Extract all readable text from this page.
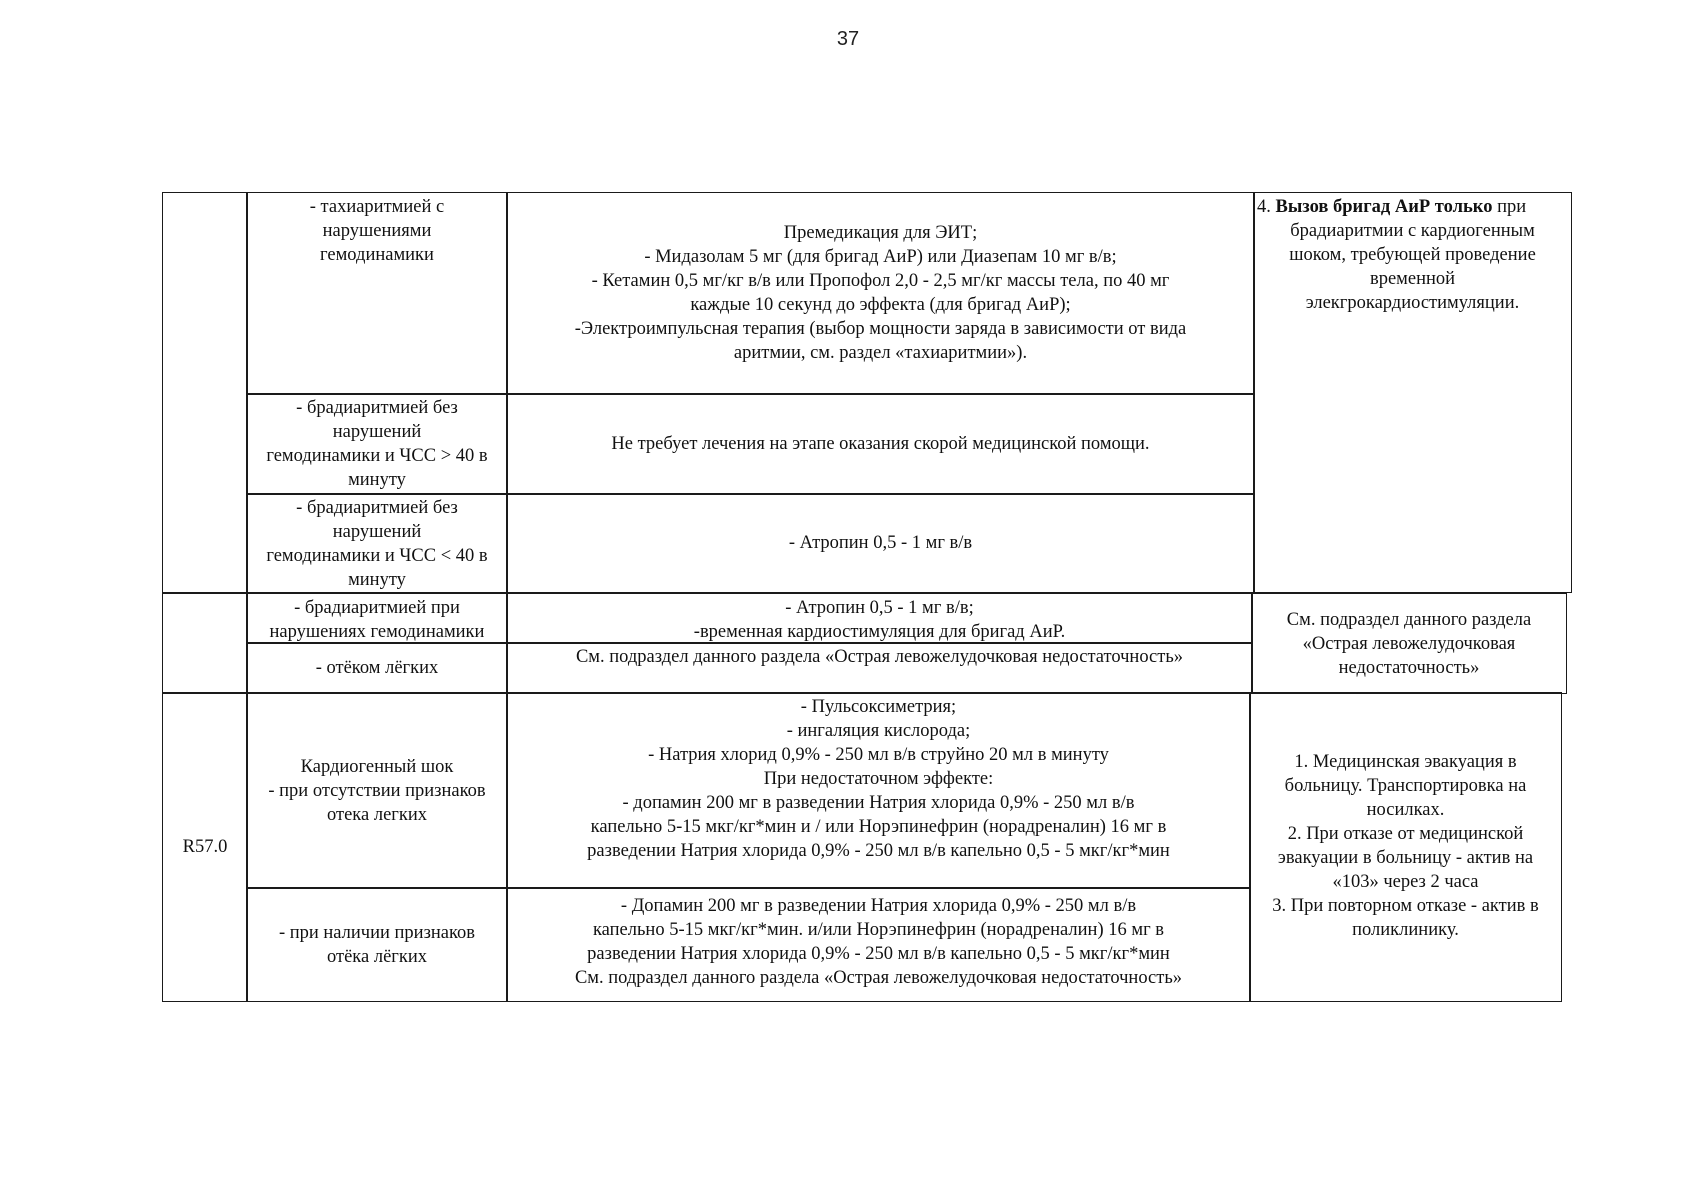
37
- тахиаритмией с
нарушениями
гемодинамики
Премедикация для ЭИТ;
- Мидазолам 5 мг (для бригад АиР) или Диазепам 10 мг в/в;
- Кетамин 0,5 мг/кг в/в или Пропофол 2,0 - 2,5 мг/кг массы тела, по 40 мг
каждые 10 секунд до эффекта (для бригад АиР);
-Электроимпульсная терапия (выбор мощности заряда в зависимости от вида
аритмии, см. раздел «тахиаритмии»).
4. Вызов бригад АиР только при
брадиаритмии с кардиогенным
шоком, требующей проведение
временной
элекгрокардиостимуляции.
- брадиаритмией без
нарушений
гемодинамики и ЧСС > 40 в
минуту
Не требует лечения на этапе оказания скорой медицинской помощи.
- брадиаритмией без
нарушений
гемодинамики и ЧСС < 40 в
минуту
- Атропин 0,5 - 1 мг в/в
- брадиаритмией при
нарушениях гемодинамики
- Атропин 0,5 - 1 мг в/в;
-временная кардиостимуляция для бригад АиР.
- отёком лёгких
См. подраздел данного раздела «Острая левожелудочковая недостаточность»
См. подраздел данного раздела
«Острая левожелудочковая
недостаточность»
R57.0
Кардиогенный шок
- при отсутствии признаков
отека легких
- Пульсоксиметрия;
- ингаляция кислорода;
- Натрия хлорид 0,9% - 250 мл в/в струйно 20 мл в минуту
При недостаточном эффекте:
- допамин 200 мг в разведении Натрия хлорида 0,9% - 250 мл в/в
капельно 5-15 мкг/кг*мин и / или Норэпинефрин (норадреналин) 16 мг в
разведении Натрия хлорида 0,9% - 250 мл в/в капельно 0,5 - 5 мкг/кг*мин
- при наличии признаков
отёка лёгких
- Допамин 200 мг в разведении Натрия хлорида 0,9% - 250 мл в/в
капельно 5-15 мкг/кг*мин. и/или Норэпинефрин (норадреналин) 16 мг в
разведении Натрия хлорида 0,9% - 250 мл в/в капельно 0,5 - 5 мкг/кг*мин
См. подраздел данного раздела «Острая левожелудочковая недостаточность»
1. Медицинская эвакуация в
больницу. Транспортировка на
носилках.
2. При отказе от медицинской
эвакуации в больницу - актив на
«103» через 2 часа
3. При повторном отказе - актив в
поликлинику.
